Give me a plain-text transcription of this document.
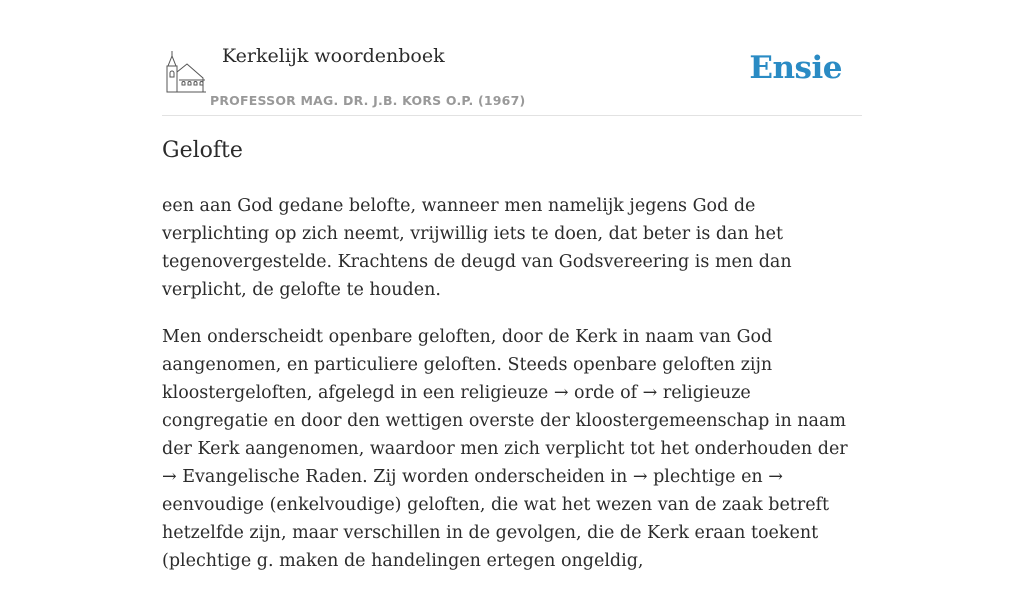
Kerkelijk woordenboek
PROFESSOR MAG. DR. J.B. KORS O.P. (1967)
Ensie
Gelofte

een aan God gedane belofte, wanneer men namelijk jegens God de verplichting op zich neemt, vrijwillig iets te doen, dat beter is dan het tegenovergestelde. Krachtens de deugd van Godsvereering is men dan verplicht, de gelofte te houden.

Men onderscheidt openbare geloften, door de Kerk in naam van God aangenomen, en particuliere geloften. Steeds openbare geloften zijn kloostergeloften, afgelegd in een religieuze → orde of → religieuze congregatie en door den wettigen overste der kloostergemeenschap in naam der Kerk aangenomen, waardoor men zich verplicht tot het onderhouden der → Evangelische Raden. Zij worden onderscheiden in → plechtige en → eenvoudige (enkelvoudige) geloften, die wat het wezen van de zaak betreft hetzelfde zijn, maar verschillen in de gevolgen, die de Kerk eraan toekent (plechtige g. maken de handelingen ertegen ongeldig,
